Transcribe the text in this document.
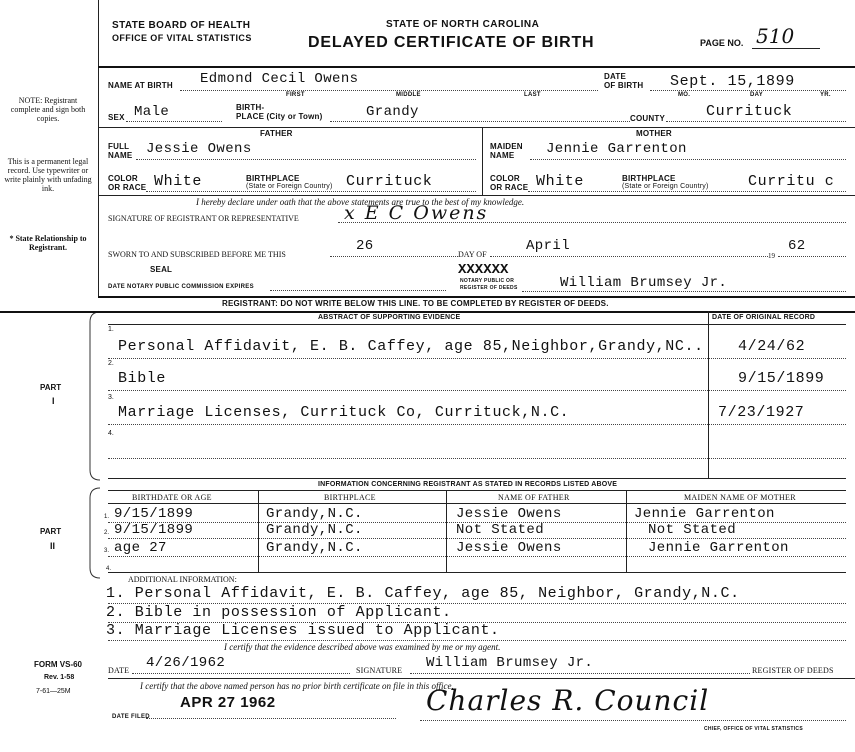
NOTE: Registrant complete and sign both copies.
This is a permanent legal record. Use typewriter or write plainly with unfading ink.
* State Relationship to Registrant.
PART
I
PART
II
FORM VS-60
Rev. 1-58
7-61—25M
STATE BOARD OF HEALTH
OFFICE OF VITAL STATISTICS
STATE OF NORTH CAROLINA
DELAYED CERTIFICATE OF BIRTH	PAGE NO. 510
NAME AT BIRTH Edmond Cecil Owens
FIRST	MIDDLE	LAST
DATE
OF BIRTH Sept. 15,1899
MO.	DAY	YR.
SEX Male	BIRTH-
PLACE (City or Town)	Grandy	COUNTY	Currituck
FATHER	MOTHER
FULL
NAME Jessie Owens	MAIDEN
NAME Jennie Garrenton
COLOR
OR RACE White	BIRTHPLACE
(State or Foreign Country) Currituck	COLOR
OR RACE White	BIRTHPLACE
(State or Foreign Country)	Curritu c
I hereby declare under oath that the above statements are true to the best of my knowledge.
SIGNATURE OF REGISTRANT OR REPRESENTATIVE x E C Owens
SWORN TO AND SUBSCRIBED BEFORE ME THIS
26
DAY OF
April
19
62
SEAL
DATE NOTARY PUBLIC COMMISSION EXPIRES
XXXXXX
NOTARY PUBLIC OR
REGISTER OF DEEDS	William Brumsey Jr.
REGISTRANT: DO NOT WRITE BELOW THIS LINE. TO BE COMPLETED BY REGISTER OF DEEDS.
ABSTRACT OF SUPPORTING EVIDENCE	DATE OF ORIGINAL RECORD
1.
Personal Affidavit, E. B. Caffey, age 85,Neighbor,Grandy,NC.. 4/24/62
2.
Bible	9/15/1899
3.
Marriage Licenses, Currituck Co, Currituck,N.C.	7/23/1927
4.
INFORMATION CONCERNING REGISTRANT AS STATED IN RECORDS LISTED ABOVE
BIRTHDATE OR AGE	BIRTHPLACE	NAME OF FATHER	MAIDEN NAME OF MOTHER
1. 9/15/1899	Grandy,N.C.	Jessie Owens	Jennie Garrenton
2. 9/15/1899	Grandy,N.C.	Not Stated	Not Stated
3. age 27	Grandy,N.C.	Jessie Owens	Jennie Garrenton
4.
ADDITIONAL INFORMATION:
1. Personal Affidavit, E. B. Caffey, age 85, Neighbor, Grandy,N.C.
2. Bible in possession of Applicant.
3. Marriage Licenses issued to Applicant.
I certify that the evidence described above was examined by me or my agent.
DATE 4/26/1962	SIGNATURE William Brumsey Jr.	REGISTER OF DEEDS
I certify that the above named person has no prior birth certificate on file in this office.
DATE FILED
APR 27 1962	Charles R. Council
CHIEF, OFFICE OF VITAL STATISTICS
